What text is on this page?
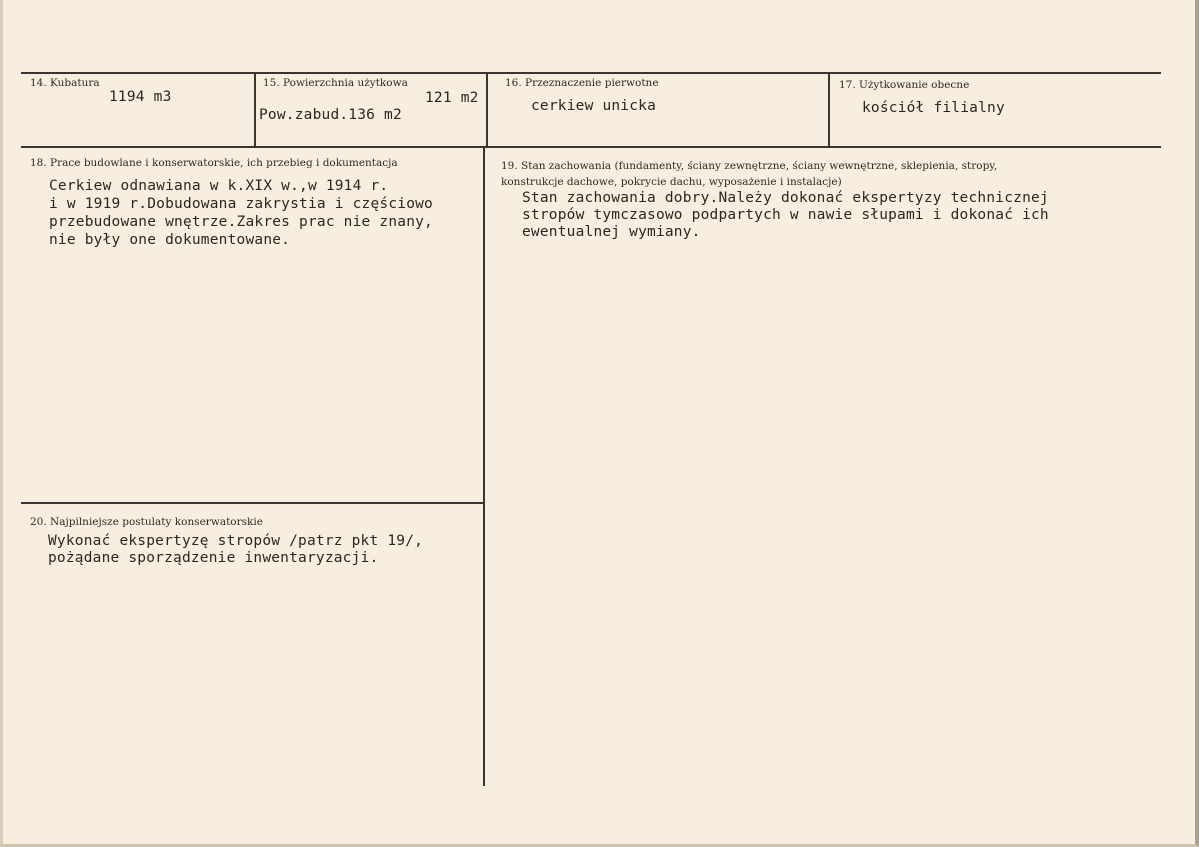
14. Kubatura
1194 m3
15. Powierzchnia użytkowa
121 m2
Pow.zabud.136 m2
16. Przeznaczenie pierwotne
cerkiew unicka
17. Użytkowanie obecne
kościół filialny
18. Prace budowlane i konserwatorskie, ich przebieg i dokumentacja
Cerkiew odnawiana w k.XIX w.,w 1914 r.
i w 1919 r.Dobudowana zakrystia i częściowo
przebudowane wnętrze.Zakres prac nie znany,
nie były one dokumentowane.
19. Stan zachowania (fundamenty, ściany zewnętrzne, ściany wewnętrzne, sklepienia, stropy,
konstrukcje dachowe, pokrycie dachu, wyposażenie i instalacje)
Stan zachowania dobry.Należy dokonać ekspertyzy technicznej
stropów tymczasowo podpartych w nawie słupami i dokonać ich
ewentualnej wymiany.
20. Najpilniejsze postulaty konserwatorskie
Wykonać ekspertyzę stropów /patrz pkt 19/,
pożądane sporządzenie inwentaryzacji.
